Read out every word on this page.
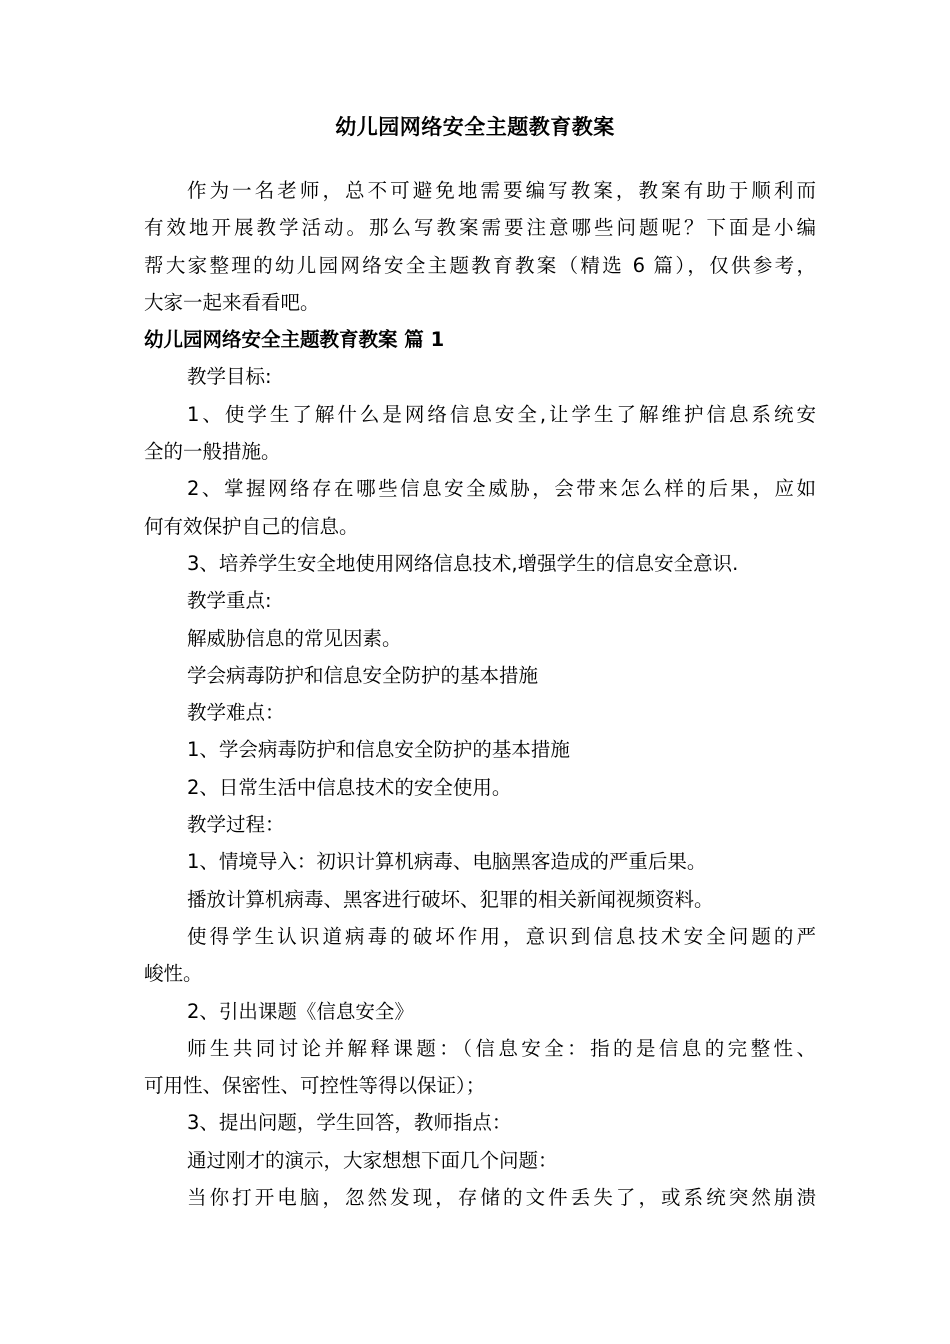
幼儿园网络安全主题教育教案
作为一名老师，总不可避免地需要编写教案，教案有助于顺利而
有效地开展教学活动。那么写教案需要注意哪些问题呢？下面是小编
帮大家整理的幼儿园网络安全主题教育教案（精选 6 篇），仅供参考，
大家一起来看看吧。
幼儿园网络安全主题教育教案 篇 1
教学目标:
1、使学生了解什么是网络信息安全,让学生了解维护信息系统安
全的一般措施。
2、掌握网络存在哪些信息安全威胁，会带来怎么样的后果，应如
何有效保护自己的信息。
3、培养学生安全地使用网络信息技术,增强学生的信息安全意识.
教学重点:
解威胁信息的常见因素。
学会病毒防护和信息安全防护的基本措施
教学难点：
1、学会病毒防护和信息安全防护的基本措施
2、日常生活中信息技术的安全使用。
教学过程：
1、情境导入：初识计算机病毒、电脑黑客造成的严重后果。
播放计算机病毒、黑客进行破坏、犯罪的相关新闻视频资料。
使得学生认识道病毒的破坏作用，意识到信息技术安全问题的严
峻性。
2、引出课题《信息安全》
师生共同讨论并解释课题：（信息安全：指的是信息的完整性、
可用性、保密性、可控性等得以保证）；
3、提出问题，学生回答，教师指点：
通过刚才的演示，大家想想下面几个问题：
当你打开电脑，忽然发现，存储的文件丢失了，或系统突然崩溃
